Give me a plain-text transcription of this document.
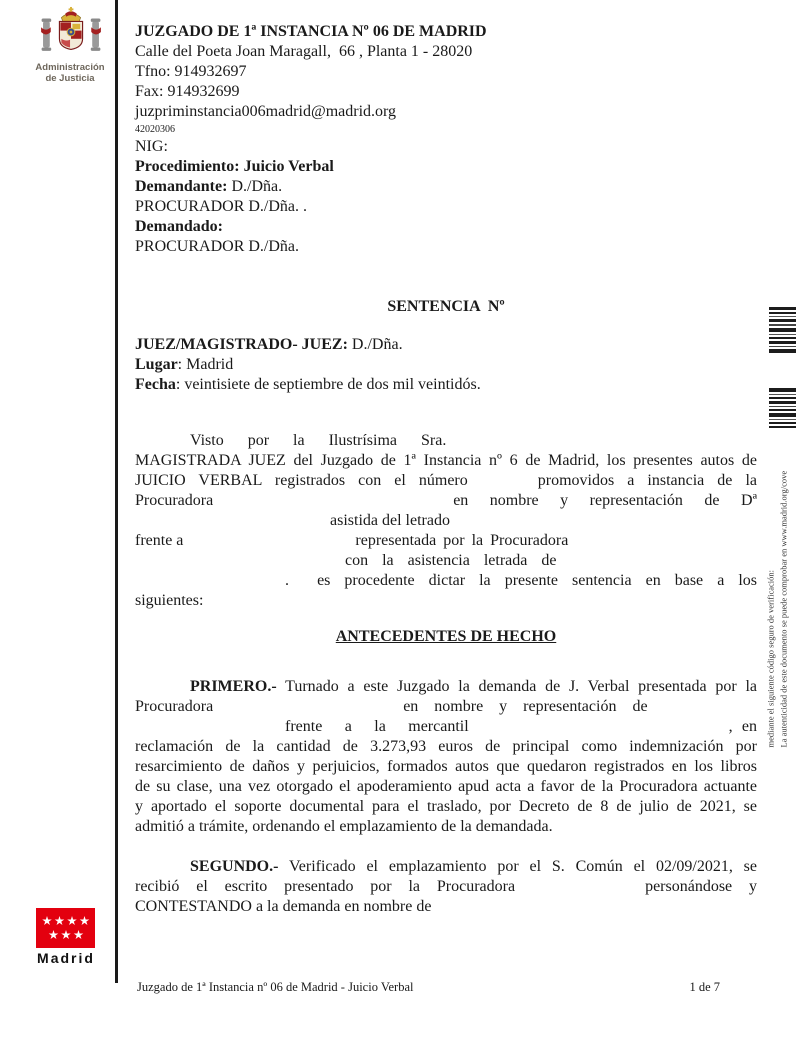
Administración
de Justicia
JUZGADO DE 1ª INSTANCIA Nº 06 DE MADRID
Calle del Poeta Joan Maragall,  66 , Planta 1 - 28020
Tfno: 914932697
Fax: 914932699
juzpriminstancia006madrid@madrid.org
42020306
NIG:
Procedimiento: Juicio Verbal
Demandante: D./Dña.
PROCURADOR D./Dña. .
Demandado:
PROCURADOR D./Dña.
SENTENCIA  Nº
JUEZ/MAGISTRADO- JUEZ: D./Dña.
Lugar: Madrid
Fecha: veintisiete de septiembre de dos mil veintidós.
Visto  por  la  Ilustrísima  Sra.
MAGISTRADA JUEZ del Juzgado de 1ª Instancia nº 6 de Madrid, los presentes autos de
JUICIO VERBAL registrados con el número	promovidos a instancia de la
Procuradora	en nombre y representación de Dª
asistida del letrado
frente a	representada por la Procuradora
con  la  asistencia  letrada  de
.  es procedente dictar la presente sentencia en base a los
siguientes:
ANTECEDENTES DE HECHO
PRIMERO.- Turnado a este Juzgado la demanda de J. Verbal presentada por la
Procuradora	en  nombre  y  representación  de
frente  a  la  mercantil	, en
reclamación de la cantidad de 3.273,93 euros de principal como indemnización por
resarcimiento de daños y perjuicios, formados autos que quedaron registrados en los libros
de su clase, una vez otorgado el apoderamiento apud acta a favor de la Procuradora actuante
y aportado el soporte documental para el traslado, por Decreto de 8 de julio de 2021, se
admitió a trámite, ordenando el emplazamiento de la demandada.
SEGUNDO.- Verificado el emplazamiento por el S. Común el 02/09/2021, se
recibió el escrito presentado por la Procuradora	personándose y
CONTESTANDO a la demanda en nombre de
mediante el siguiente código seguro de verificación: La autenticidad de este documento se puede comprobar en www.madrid.org/cove
Madrid
Juzgado de 1ª Instancia nº 06 de Madrid - Juicio Verbal	1 de 7
